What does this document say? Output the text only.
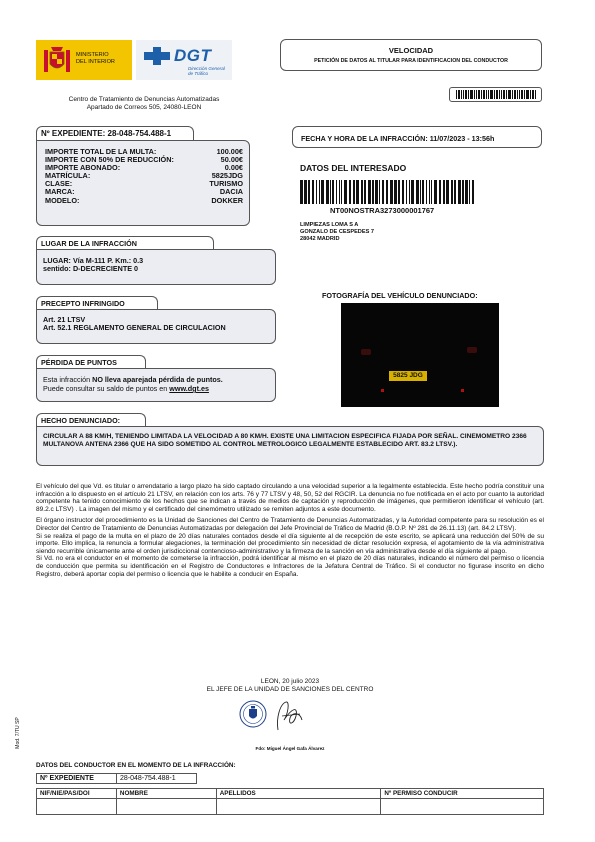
MINISTERIO
DEL INTERIOR	DGT
Dirección General
de Tráfico
Centro de Tratamiento de Denuncias Automatizadas
Apartado de Correos 505, 24080-LEON
VELOCIDAD
PETICIÓN DE DATOS AL TITULAR PARA IDENTIFICACION DEL CONDUCTOR
Nº EXPEDIENTE: 28-048-754.488-1
IMPORTE TOTAL DE LA MULTA:	100.00€
IMPORTE CON 50% DE REDUCCIÓN:	50.00€
IMPORTE ABONADO:	0.00€
MATRÍCULA:	5825JDG
CLASE:	TURISMO
MARCA:	DACIA
MODELO:	DOKKER
FECHA Y HORA DE LA INFRACCIÓN: 11/07/2023 - 13:56h
DATOS DEL INTERESADO
NT00NOSTRA3273000001767
LIMPIEZAS LOMA S A
GONZALO DE CESPEDES 7
28042 MADRID
LUGAR DE LA INFRACCIÓN
LUGAR: Vía M-111 P. Km.: 0.3
sentido: D-DECRECIENTE 0
PRECEPTO INFRINGIDO
Art. 21 LTSV
Art. 52.1 REGLAMENTO GENERAL DE CIRCULACION
PÉRDIDA DE PUNTOS
Esta infracción NO lleva aparejada pérdida de puntos.
Puede consultar su saldo de puntos en www.dgt.es
FOTOGRAFÍA DEL VEHÍCULO DENUNCIADO:
5825 JDG
HECHO DENUNCIADO:
CIRCULAR A 88 KM/H, TENIENDO LIMITADA LA VELOCIDAD A 80 KM/H. EXISTE UNA LIMITACION ESPECIFICA FIJADA POR SEÑAL. CINEMOMETRO 2366 MULTANOVA ANTENA 2366 QUE HA SIDO SOMETIDO AL CONTROL METROLOGICO LEGALMENTE ESTABLECIDO ART. 83.2 LTSV.).
El vehículo del que Vd. es titular o arrendatario a largo plazo ha sido captado circulando a una velocidad superior a la legalmente establecida. Este hecho podría constituir una infracción a lo dispuesto en el artículo 21 LTSV, en relación con los arts. 76 y 77 LTSV y 48, 50, 52 del RGCIR. La denuncia no fue notificada en el acto por cuanto la autoridad competente ha tenido conocimiento de los hechos que se indican a través de medios de captación y reproducción de imágenes, que permitieron identificar el vehículo (art. 89.2.c LTSV) . La imagen del mismo y el certificado del cinemómetro utilizado se remiten adjuntos a este documento.
El órgano instructor del procedimiento es la Unidad de Sanciones del Centro de Tratamiento de Denuncias Automatizadas, y la Autoridad competente para su resolución es el Director del Centro de Tratamiento de Denuncias Automatizadas por delegación del Jefe Provincial de Tráfico de Madrid (B.O.P. Nº 281 de 26.11.13) (art. 84.2 LTSV).
Si se realiza el pago de la multa en el plazo de 20 días naturales contados desde el día siguiente al de recepción de este escrito, se aplicará una reducción del 50% de su importe. Ello implica, la renuncia a formular alegaciones, la terminación del procedimiento sin necesidad de dictar resolución expresa, el agotamiento de la vía administrativa siendo recurrible únicamente ante el orden jurisdiccional contencioso-administrativo y la firmeza de la sanción en vía administrativa desde el día siguiente al pago.
Si Vd. no era el conductor en el momento de cometerse la infracción, podrá identificar al mismo en el plazo de 20 días naturales, indicando el número del permiso o licencia de conducción que permita su identificación en el Registro de Conductores e Infractores de la Jefatura Central de Tráfico. Si el conductor no figurase inscrito en dicho Registro, deberá aportar copia del permiso o licencia que le habilite a conducir en España.
LEON, 20 julio 2023
EL JEFE DE LA UNIDAD DE SANCIONES DEL CENTRO
Fdo: Miguel Ángel Gafa Álvarez
Mod. 7/TU SP
DATOS DEL CONDUCTOR EN EL MOMENTO DE LA INFRACCIÓN:
Nº EXPEDIENTE	28-048-754.488-1
NIF/NIE/PAS/DOI	NOMBRE	APELLIDOS	Nº PERMISO CONDUCIR
